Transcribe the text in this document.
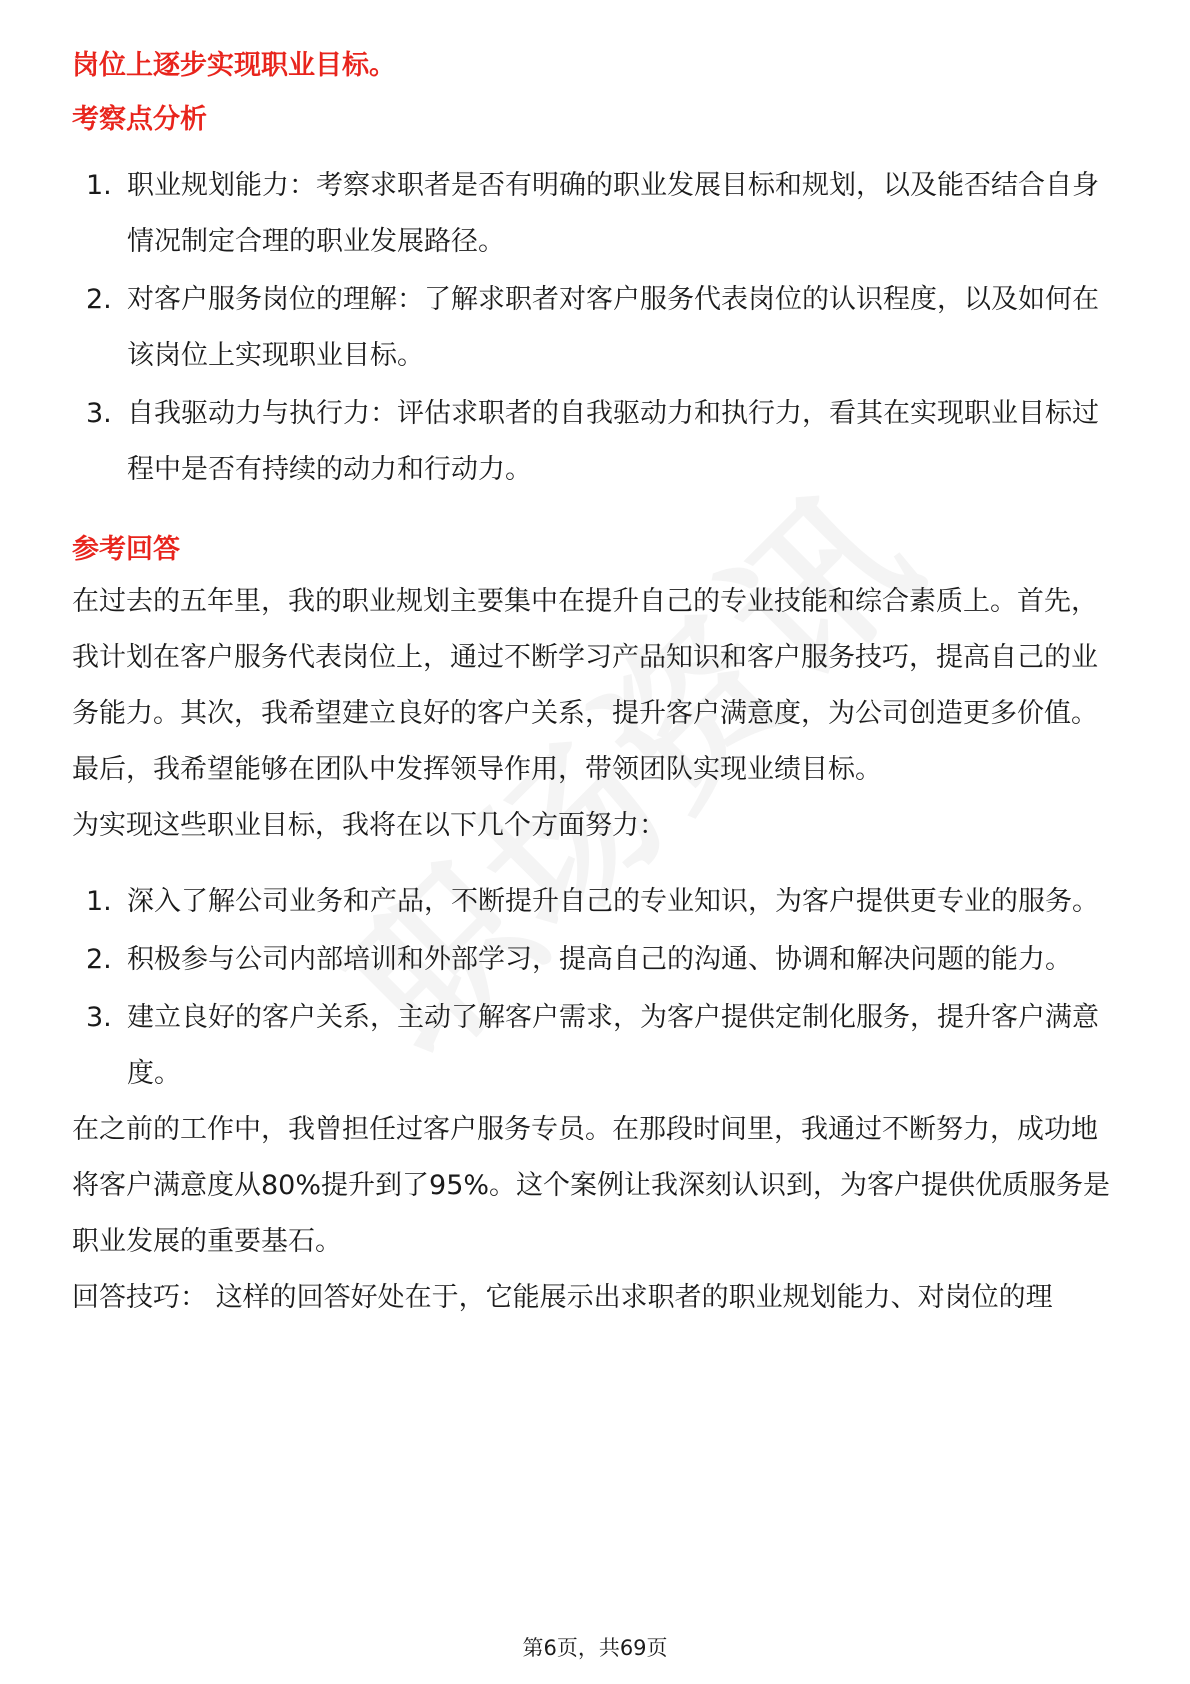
岗位上逐步实现职业目标。

考察点分析
1. 职业规划能力：考察求职者是否有明确的职业发展目标和规划，以及能否结合自身情况制定合理的职业发展路径。
2. 对客户服务岗位的理解：了解求职者对客户服务代表岗位的认识程度，以及如何在该岗位上实现职业目标。
3. 自我驱动力与执行力：评估求职者的自我驱动力和执行力，看其在实现职业目标过程中是否有持续的动力和行动力。
参考回答

在过去的五年里，我的职业规划主要集中在提升自己的专业技能和综合素质上。首先，我计划在客户服务代表岗位上，通过不断学习产品知识和客户服务技巧，提高自己的业务能力。其次，我希望建立良好的客户关系，提升客户满意度，为公司创造更多价值。最后，我希望能够在团队中发挥领导作用，带领团队实现业绩目标。

为实现这些职业目标，我将在以下几个方面努力：

1. 深入了解公司业务和产品，不断提升自己的专业知识，为客户提供更专业的服务。
2. 积极参与公司内部培训和外部学习，提高自己的沟通、协调和解决问题的能力。
3. 建立良好的客户关系，主动了解客户需求，为客户提供定制化服务，提升客户满意度。

在之前的工作中，我曾担任过客户服务专员。在那段时间里，我通过不断努力，成功地将客户满意度从80%提升到了95%。这个案例让我深刻认识到，为客户提供优质服务是职业发展的重要基石。

回答技巧： 这样的回答好处在于，它能展示出求职者的职业规划能力、对岗位的理

第6页，共69页
